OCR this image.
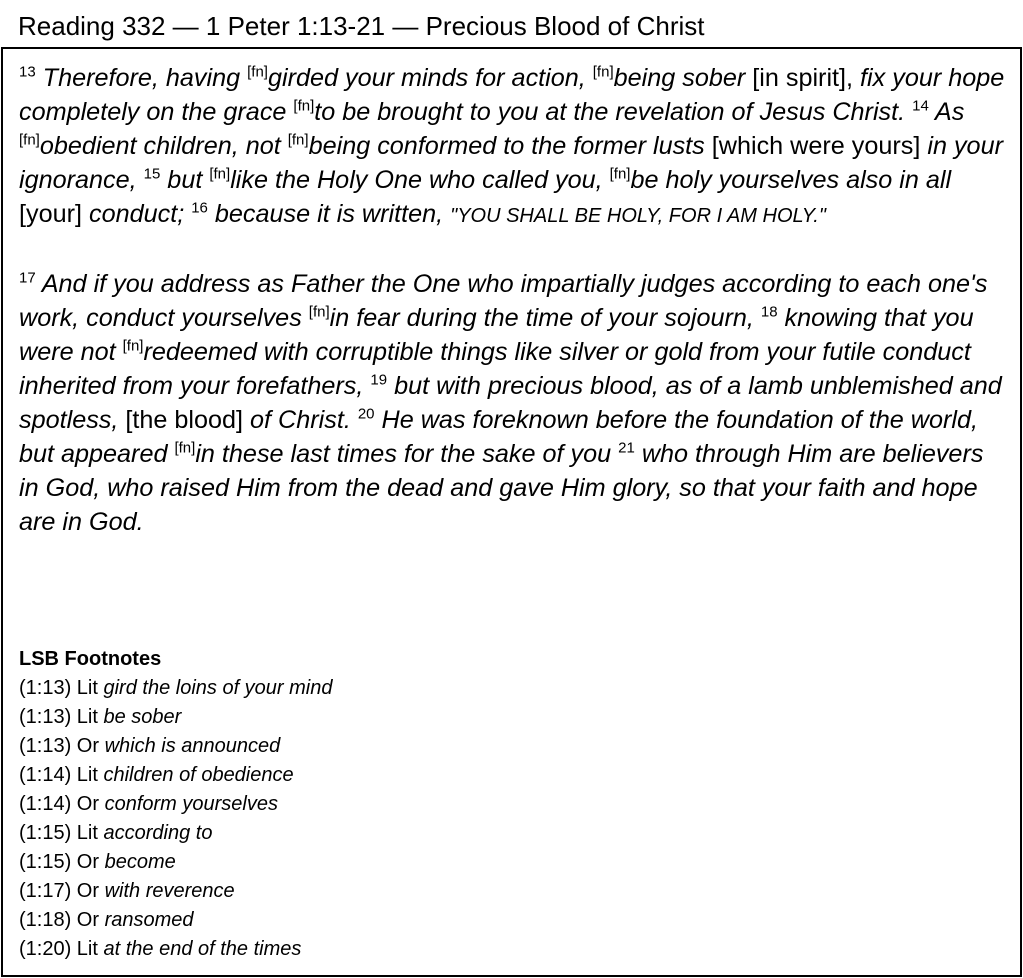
Reading 332 — 1 Peter 1:13-21 — Precious Blood of Christ

$^{13}$ Therefore, having [fn]girded your minds for action, [fn]being sober [in spirit], fix your hope completely on the grace [fn]to be brought to you at the revelation of Jesus Christ. $^{14}$ As [fn]obedient children, not [fn]being conformed to the former lusts [which were yours] in your ignorance, $^{15}$ but [fn]like the Holy One who called you, [fn]be holy yourselves also in all [your] conduct; $^{16}$ because it is written, "YOU SHALL BE HOLY, FOR I AM HOLY."

$^{17}$ And if you address as Father the One who impartially judges according to each one's work, conduct yourselves [fn]in fear during the time of your sojourn, $^{18}$ knowing that you were not [fn]redeemed with corruptible things like silver or gold from your futile conduct inherited from your forefathers, $^{19}$ but with precious blood, as of a lamb unblemished and spotless, [the blood] of Christ. $^{20}$ He was foreknown before the foundation of the world, but appeared [fn]in these last times for the sake of you $^{21}$ who through Him are believers in God, who raised Him from the dead and gave Him glory, so that your faith and hope are in God.

LSB Footnotes
(1:13) Lit gird the loins of your mind
(1:13) Lit be sober
(1:13) Or which is announced
(1:14) Lit children of obedience
(1:14) Or conform yourselves
(1:15) Lit according to
(1:15) Or become
(1:17) Or with reverence
(1:18) Or ransomed
(1:20) Lit at the end of the times
